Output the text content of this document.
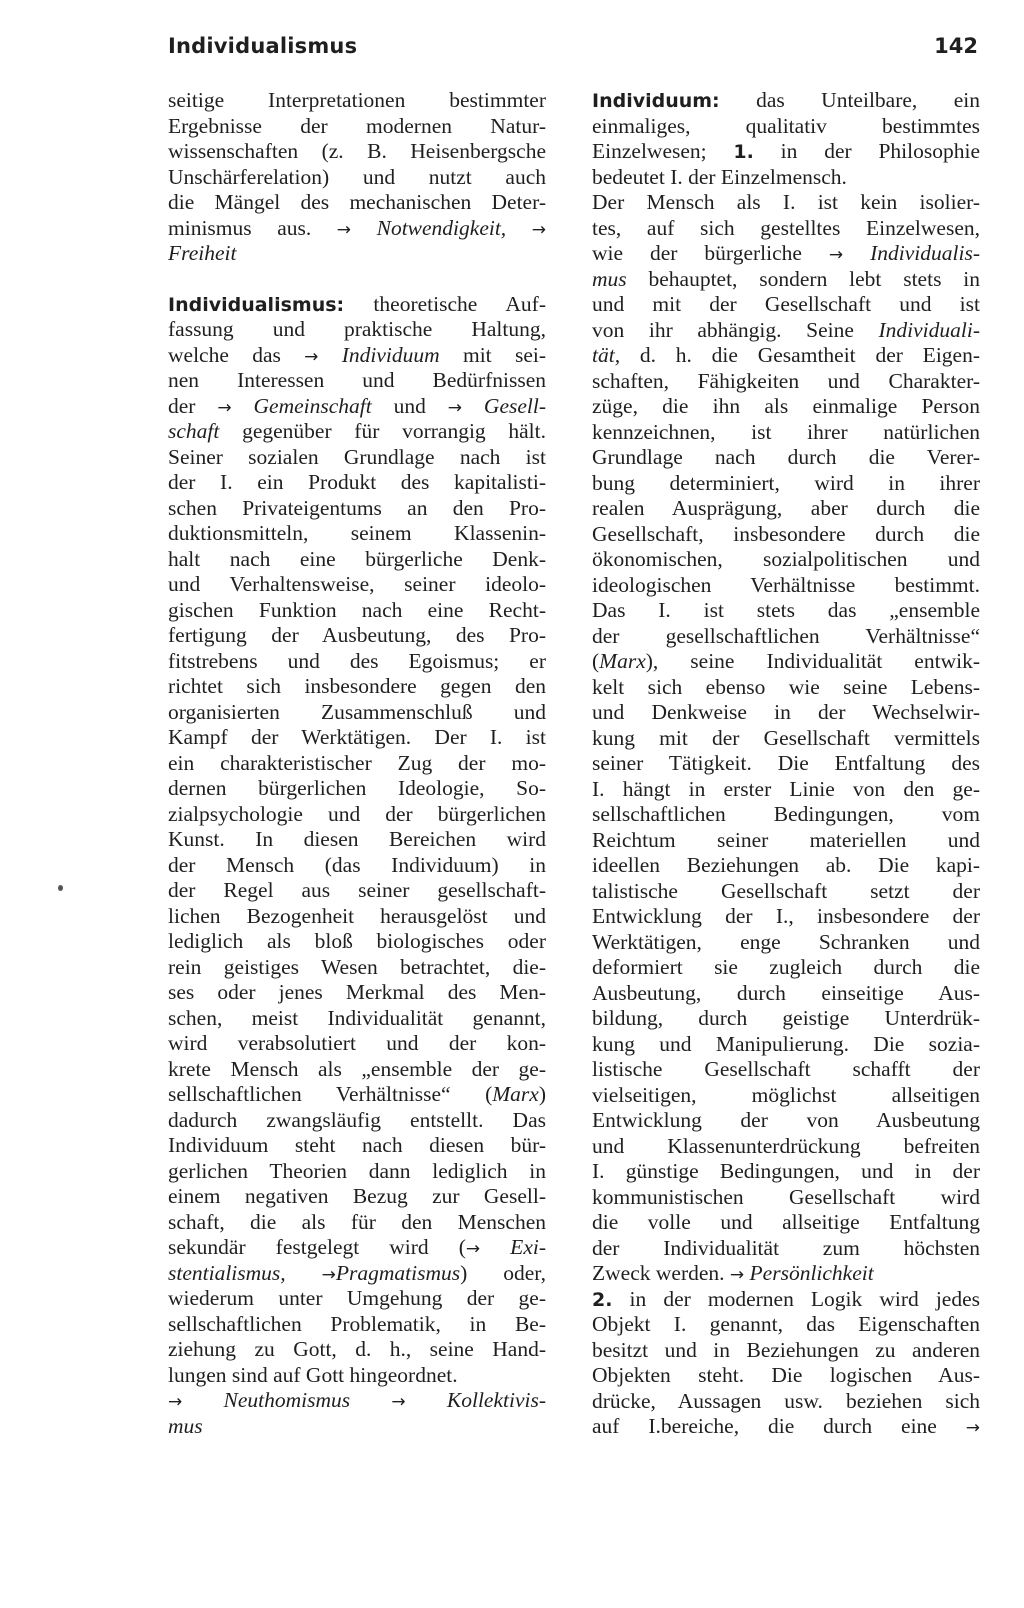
Individualismus	142
seitige Interpretationen bestimmter
Ergebnisse der modernen Natur-
wissenschaften (z. B. Heisenbergsche
Unschärferelation) und nutzt auch
die Mängel des mechanischen Deter-
minismus aus. → Notwendigkeit, →
Freiheit
Individualismus: theoretische Auf-
fassung und praktische Haltung,
welche das → Individuum mit sei-
nen Interessen und Bedürfnissen
der → Gemeinschaft und → Gesell-
schaft gegenüber für vorrangig hält.
Seiner sozialen Grundlage nach ist
der I. ein Produkt des kapitalisti-
schen Privateigentums an den Pro-
duktionsmitteln, seinem Klassenin-
halt nach eine bürgerliche Denk-
und Verhaltensweise, seiner ideolo-
gischen Funktion nach eine Recht-
fertigung der Ausbeutung, des Pro-
fitstrebens und des Egoismus; er
richtet sich insbesondere gegen den
organisierten Zusammenschluß und
Kampf der Werktätigen. Der I. ist
ein charakteristischer Zug der mo-
dernen bürgerlichen Ideologie, So-
zialpsychologie und der bürgerlichen
Kunst. In diesen Bereichen wird
der Mensch (das Individuum) in
der Regel aus seiner gesellschaft-
lichen Bezogenheit herausgelöst und
lediglich als bloß biologisches oder
rein geistiges Wesen betrachtet, die-
ses oder jenes Merkmal des Men-
schen, meist Individualität genannt,
wird verabsolutiert und der kon-
krete Mensch als „ensemble der ge-
sellschaftlichen Verhältnisse“ (Marx)
dadurch zwangsläufig entstellt. Das
Individuum steht nach diesen bür-
gerlichen Theorien dann lediglich in
einem negativen Bezug zur Gesell-
schaft, die als für den Menschen
sekundär festgelegt wird (→ Exi-
stentialismus, →Pragmatismus) oder,
wiederum unter Umgehung der ge-
sellschaftlichen Problematik, in Be-
ziehung zu Gott, d. h., seine Hand-
lungen sind auf Gott hingeordnet.
→ Neuthomismus → Kollektivis-
mus
Individuum: das Unteilbare, ein
einmaliges, qualitativ bestimmtes
Einzelwesen; 1. in der Philosophie
bedeutet I. der Einzelmensch.
Der Mensch als I. ist kein isolier-
tes, auf sich gestelltes Einzelwesen,
wie der bürgerliche → Individualis-
mus behauptet, sondern lebt stets in
und mit der Gesellschaft und ist
von ihr abhängig. Seine Individuali-
tät, d. h. die Gesamtheit der Eigen-
schaften, Fähigkeiten und Charakter-
züge, die ihn als einmalige Person
kennzeichnen, ist ihrer natürlichen
Grundlage nach durch die Verer-
bung determiniert, wird in ihrer
realen Ausprägung, aber durch die
Gesellschaft, insbesondere durch die
ökonomischen, sozialpolitischen und
ideologischen Verhältnisse bestimmt.
Das I. ist stets das „ensemble
der gesellschaftlichen Verhältnisse“
(Marx), seine Individualität entwik-
kelt sich ebenso wie seine Lebens-
und Denkweise in der Wechselwir-
kung mit der Gesellschaft vermittels
seiner Tätigkeit. Die Entfaltung des
I. hängt in erster Linie von den ge-
sellschaftlichen Bedingungen, vom
Reichtum seiner materiellen und
ideellen Beziehungen ab. Die kapi-
talistische Gesellschaft setzt der
Entwicklung der I., insbesondere der
Werktätigen, enge Schranken und
deformiert sie zugleich durch die
Ausbeutung, durch einseitige Aus-
bildung, durch geistige Unterdrük-
kung und Manipulierung. Die sozia-
listische Gesellschaft schafft der
vielseitigen, möglichst allseitigen
Entwicklung der von Ausbeutung
und Klassenunterdrückung befreiten
I. günstige Bedingungen, und in der
kommunistischen Gesellschaft wird
die volle und allseitige Entfaltung
der Individualität zum höchsten
Zweck werden. → Persönlichkeit
2. in der modernen Logik wird jedes
Objekt I. genannt, das Eigenschaften
besitzt und in Beziehungen zu anderen
Objekten steht. Die logischen Aus-
drücke, Aussagen usw. beziehen sich
auf I.bereiche, die durch eine →
